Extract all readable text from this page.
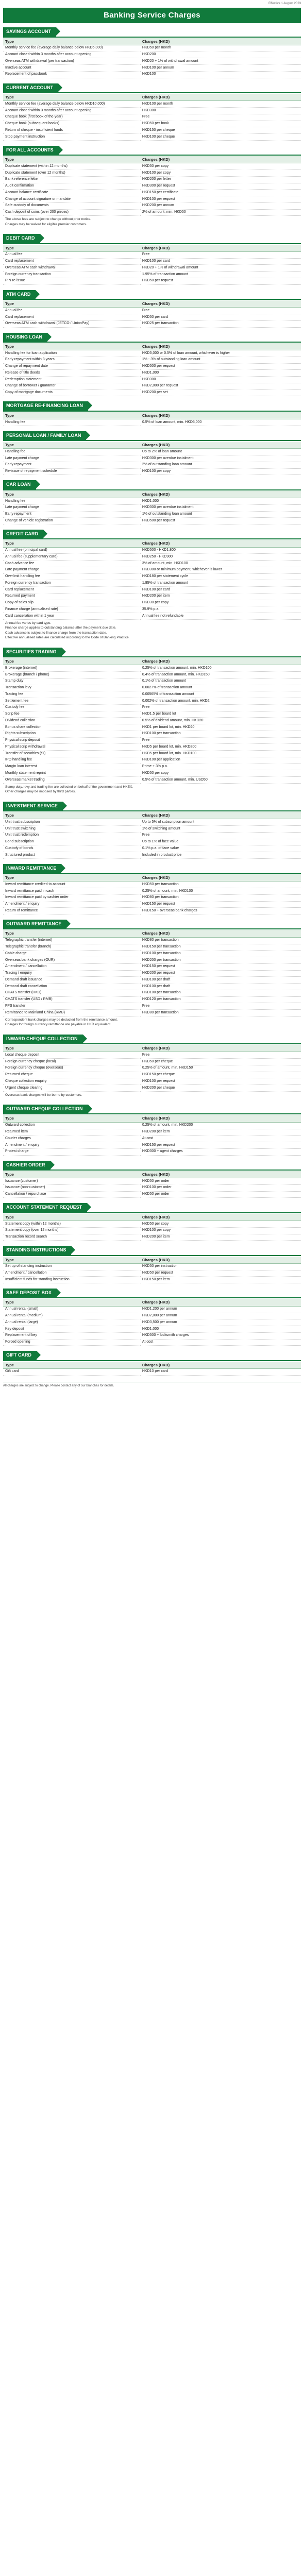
Effective 1 August 2023
Banking Service Charges
SAVINGS ACCOUNT
Type	Charges (HKD)
Monthly service fee (average daily balance below HKD5,000)	HKD50 per month
Account closed within 3 months after account opening	HKD200
Overseas ATM withdrawal (per transaction)	HKD20 + 1% of withdrawal amount
Inactive account	HKD100 per annum
Replacement of passbook	HKD100
CURRENT ACCOUNT
Type	Charges (HKD)
Monthly service fee (average daily balance below HKD10,000)	HKD100 per month
Account closed within 3 months after account opening	HKD300
Cheque book (first book of the year)	Free
Cheque book (subsequent books)	HKD50 per book
Return of cheque - insufficient funds	HKD150 per cheque
Stop payment instruction	HKD100 per cheque
FOR ALL ACCOUNTS
Type	Charges (HKD)
Duplicate statement (within 12 months)	HKD50 per copy
Duplicate statement (over 12 months)	HKD100 per copy
Bank reference letter	HKD200 per letter
Audit confirmation	HKD300 per request
Account balance certificate	HKD150 per certificate
Change of account signature or mandate	HKD100 per request
Safe custody of documents	HKD200 per annum
Cash deposit of coins (over 200 pieces)	2% of amount, min. HKD50

The above fees are subject to change without prior notice.

Charges may be waived for eligible premier customers.

DEBIT CARD
Type	Charges (HKD)
Annual fee	Free
Card replacement	HKD100 per card
Overseas ATM cash withdrawal	HKD20 + 1% of withdrawal amount
Foreign currency transaction	1.95% of transaction amount
PIN re-issue	HKD50 per request
ATM CARD
Type	Charges (HKD)
Annual fee	Free
Card replacement	HKD50 per card
Overseas ATM cash withdrawal (JETCO / UnionPay)	HKD25 per transaction
HOUSING LOAN
Type	Charges (HKD)
Handling fee for loan application	HKD5,000 or 0.5% of loan amount, whichever is higher
Early repayment within 3 years	1% - 3% of outstanding loan amount
Change of repayment date	HKD500 per request
Release of title deeds	HKD1,000
Redemption statement	HKD300
Change of borrower / guarantor	HKD2,000 per request
Copy of mortgage documents	HKD200 per set
MORTGAGE RE-FINANCING LOAN
Type	Charges (HKD)
Handling fee	0.5% of loan amount, min. HKD5,000
PERSONAL LOAN / FAMILY LOAN
Type	Charges (HKD)
Handling fee	Up to 2% of loan amount
Late payment charge	HKD300 per overdue instalment
Early repayment	2% of outstanding loan amount
Re-issue of repayment schedule	HKD100 per copy
CAR LOAN
Type	Charges (HKD)
Handling fee	HKD1,000
Late payment charge	HKD300 per overdue instalment
Early repayment	1% of outstanding loan amount
Change of vehicle registration	HKD500 per request
CREDIT CARD
Type	Charges (HKD)
Annual fee (principal card)	HKD500 - HKD1,800
Annual fee (supplementary card)	HKD250 - HKD900
Cash advance fee	3% of amount, min. HKD100
Late payment charge	HKD300 or minimum payment, whichever is lower
Overlimit handling fee	HKD180 per statement cycle
Foreign currency transaction	1.95% of transaction amount
Card replacement	HKD100 per card
Returned payment	HKD200 per item
Copy of sales slip	HKD30 per copy
Finance charge (annualised rate)	35.9% p.a.
Card cancellation within 1 year	Annual fee not refundable

Annual fee varies by card type.

Finance charge applies to outstanding balance after the payment due date.

Cash advance is subject to finance charge from the transaction date.

Effective annualised rates are calculated according to the Code of Banking Practice.

SECURITIES TRADING
Type	Charges (HKD)
Brokerage (internet)	0.25% of transaction amount, min. HKD100
Brokerage (branch / phone)	0.4% of transaction amount, min. HKD150
Stamp duty	0.1% of transaction amount
Transaction levy	0.0027% of transaction amount
Trading fee	0.00565% of transaction amount
Settlement fee	0.002% of transaction amount, min. HKD2
Custody fee	Free
Scrip fee	HKD1.5 per board lot
Dividend collection	0.5% of dividend amount, min. HKD20
Bonus share collection	HKD1 per board lot, min. HKD20
Rights subscription	HKD100 per transaction
Physical scrip deposit	Free
Physical scrip withdrawal	HKD5 per board lot, min. HKD200
Transfer of securities (SI)	HKD5 per board lot, min. HKD100
IPO handling fee	HKD100 per application
Margin loan interest	Prime + 3% p.a.
Monthly statement reprint	HKD50 per copy
Overseas market trading	0.5% of transaction amount, min. USD50

Stamp duty, levy and trading fee are collected on behalf of the government and HKEX.

Other charges may be imposed by third parties.

INVESTMENT SERVICE
Type	Charges (HKD)
Unit trust subscription	Up to 5% of subscription amount
Unit trust switching	1% of switching amount
Unit trust redemption	Free
Bond subscription	Up to 1% of face value
Custody of bonds	0.1% p.a. of face value
Structured product	Included in product price
INWARD REMITTANCE
Type	Charges (HKD)
Inward remittance credited to account	HKD50 per transaction
Inward remittance paid in cash	0.25% of amount, min. HKD100
Inward remittance paid by cashier order	HKD80 per transaction
Amendment / enquiry	HKD150 per request
Return of remittance	HKD150 + overseas bank charges
OUTWARD REMITTANCE
Type	Charges (HKD)
Telegraphic transfer (internet)	HKD80 per transaction
Telegraphic transfer (branch)	HKD150 per transaction
Cable charge	HKD100 per transaction
Overseas bank charges (OUR)	HKD200 per transaction
Amendment / cancellation	HKD150 per request
Tracing / enquiry	HKD200 per request
Demand draft issuance	HKD100 per draft
Demand draft cancellation	HKD100 per draft
CHATS transfer (HKD)	HKD100 per transaction
CHATS transfer (USD / RMB)	HKD120 per transaction
FPS transfer	Free
Remittance to Mainland China (RMB)	HKD80 per transaction

Correspondent bank charges may be deducted from the remittance amount.

Charges for foreign currency remittance are payable in HKD equivalent.

INWARD CHEQUE COLLECTION
Type	Charges (HKD)
Local cheque deposit	Free
Foreign currency cheque (local)	HKD50 per cheque
Foreign currency cheque (overseas)	0.25% of amount, min. HKD150
Returned cheque	HKD150 per cheque
Cheque collection enquiry	HKD100 per request
Urgent cheque clearing	HKD200 per cheque

Overseas bank charges will be borne by customers.

OUTWARD CHEQUE COLLECTION
Type	Charges (HKD)
Outward collection	0.25% of amount, min. HKD200
Returned item	HKD200 per item
Courier charges	At cost
Amendment / enquiry	HKD150 per request
Protest charge	HKD300 + agent charges
CASHIER ORDER
Type	Charges (HKD)
Issuance (customer)	HKD50 per order
Issuance (non-customer)	HKD100 per order
Cancellation / repurchase	HKD50 per order
ACCOUNT STATEMENT REQUEST
Type	Charges (HKD)
Statement copy (within 12 months)	HKD50 per copy
Statement copy (over 12 months)	HKD100 per copy
Transaction record search	HKD200 per item
STANDING INSTRUCTIONS
Type	Charges (HKD)
Set up of standing instruction	HKD50 per instruction
Amendment / cancellation	HKD50 per request
Insufficient funds for standing instruction	HKD150 per item
SAFE DEPOSIT BOX
Type	Charges (HKD)
Annual rental (small)	HKD1,200 per annum
Annual rental (medium)	HKD2,000 per annum
Annual rental (large)	HKD3,500 per annum
Key deposit	HKD1,000
Replacement of key	HKD500 + locksmith charges
Forced opening	At cost
GIFT CARD
Type	Charges (HKD)
Gift card	HKD10 per card
All charges are subject to change. Please contact any of our branches for details.
